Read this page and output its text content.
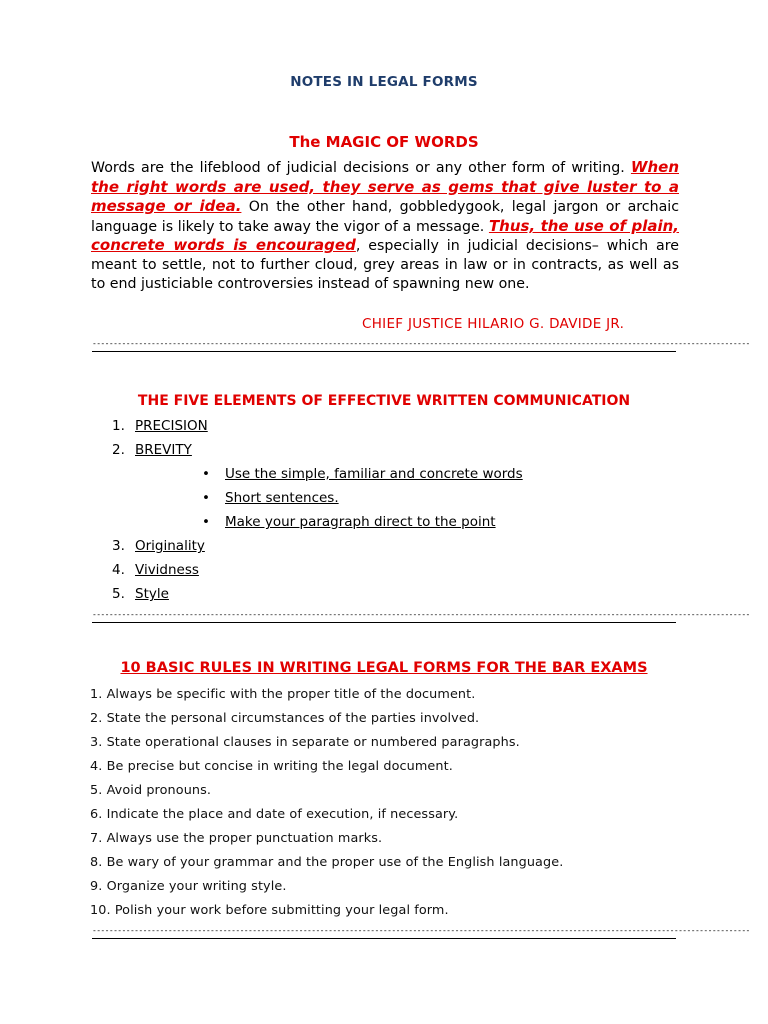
NOTES IN LEGAL FORMS
The MAGIC OF WORDS
Words are the lifeblood of judicial decisions or any other form of writing. When the right words are used, they serve as gems that give luster to a message or idea. On the other hand, gobbledygook, legal jargon or archaic language is likely to take away the vigor of a message. Thus, the use of plain, concrete words is encouraged, especially in judicial decisions– which are meant to settle, not to further cloud, grey areas in law or in contracts, as well as to end justiciable controversies instead of spawning new one.
CHIEF JUSTICE HILARIO G. DAVIDE JR.
------------------------------------------------------------------------------------------------------------------------------------------------------------
THE FIVE ELEMENTS OF EFFECTIVE WRITTEN COMMUNICATION
1. PRECISION
2. BREVITY
• Use the simple, familiar and concrete words
• Short sentences.
• Make your paragraph direct to the point
3. Originality
4. Vividness
5. Style
------------------------------------------------------------------------------------------------------------------------------------------------------------
10 BASIC RULES IN WRITING LEGAL FORMS FOR THE BAR EXAMS
1. Always be specific with the proper title of the document.
2. State the personal circumstances of the parties involved.
3. State operational clauses in separate or numbered paragraphs.
4. Be precise but concise in writing the legal document.
5. Avoid pronouns.
6. Indicate the place and date of execution, if necessary.
7. Always use the proper punctuation marks.
8. Be wary of your grammar and the proper use of the English language.
9. Organize your writing style.
10. Polish your work before submitting your legal form.
------------------------------------------------------------------------------------------------------------------------------------------------------------
